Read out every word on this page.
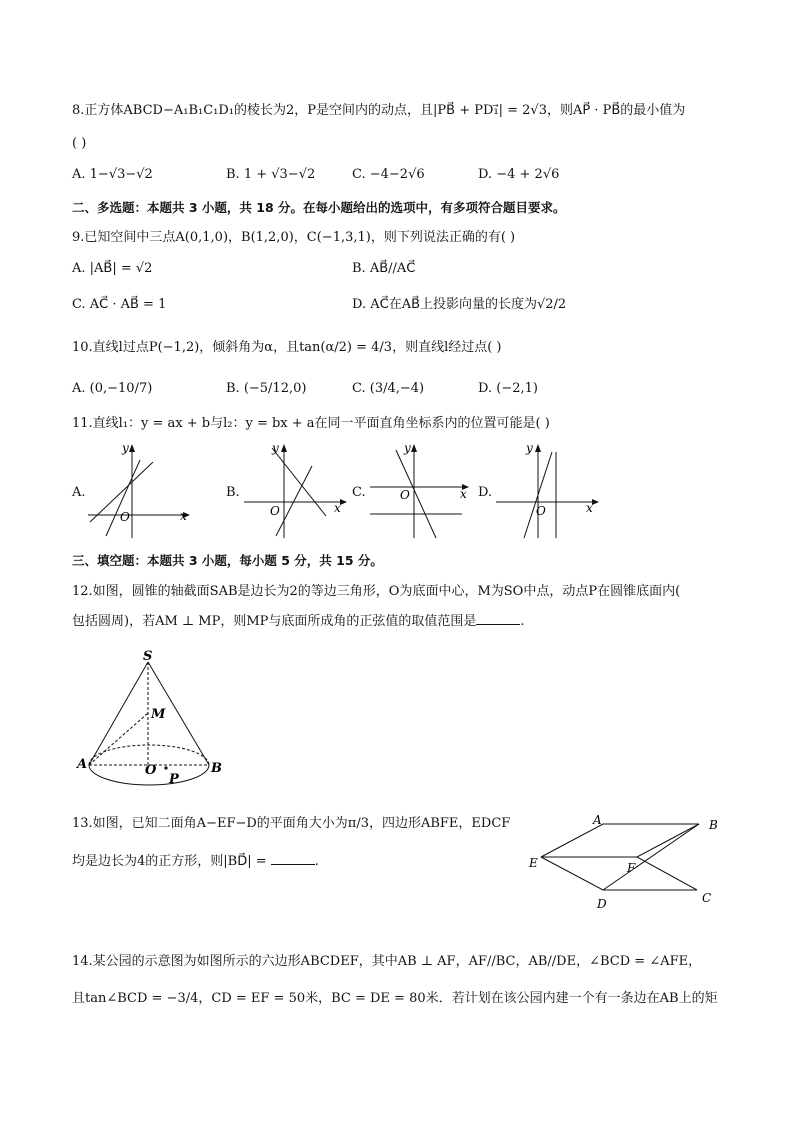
8.正方体ABCD−A₁B₁C₁D₁的棱长为2，P是空间内的动点，且|PB⃗ + PD₁⃗| = 2√3，则AP⃗ · PB⃗的最小值为
( )
A. 1−√3−√2	B. 1 + √3−√2	C. −4−2√6	D. −4 + 2√6
二、多选题：本题共 3 小题，共 18 分。在每小题给出的选项中，有多项符合题目要求。
9.已知空间中三点A(0,1,0)，B(1,2,0)，C(−1,3,1)，则下列说法正确的有( )
A. |AB⃗| = √2	B. AB⃗//AC⃗
C. AC⃗ · AB⃗ = 1	D. AC⃗在AB⃗上投影向量的长度为√2/2
10.直线l过点P(−1,2)，倾斜角为α，且tan(α/2) = 4/3，则直线l经过点( )
A. (0,−10/7)	B. (−5/12,0)	C. (3/4,−4)	D. (−2,1)
11.直线l₁：y = ax + b与l₂：y = bx + a在同一平面直角坐标系内的位置可能是( )
A.
y
x
O
B.
y
x
O
C.
y
x
O	D.
y
x
O
三、填空题：本题共 3 小题，每小题 5 分，共 15 分。
12.如图，圆锥的轴截面SAB是边长为2的等边三角形，O为底面中心，M为SO中点，动点P在圆锥底面内(
包括圆周)，若AM ⊥ MP，则MP与底面所成角的正弦值的取值范围是	.
S
M
A	O	B
P
13.如图，已知二面角A−EF−D的平面角大小为π/3，四边形ABFE，EDCF
均是边长为4的正方形，则|BD⃗| =	.
A	B
E	F
D	C
14.某公园的示意图为如图所示的六边形ABCDEF，其中AB ⊥ AF，AF//BC，AB//DE，∠BCD = ∠AFE，
且tan∠BCD = −3/4，CD = EF = 50米，BC = DE = 80米．若计划在该公园内建一个有一条边在AB上的矩
